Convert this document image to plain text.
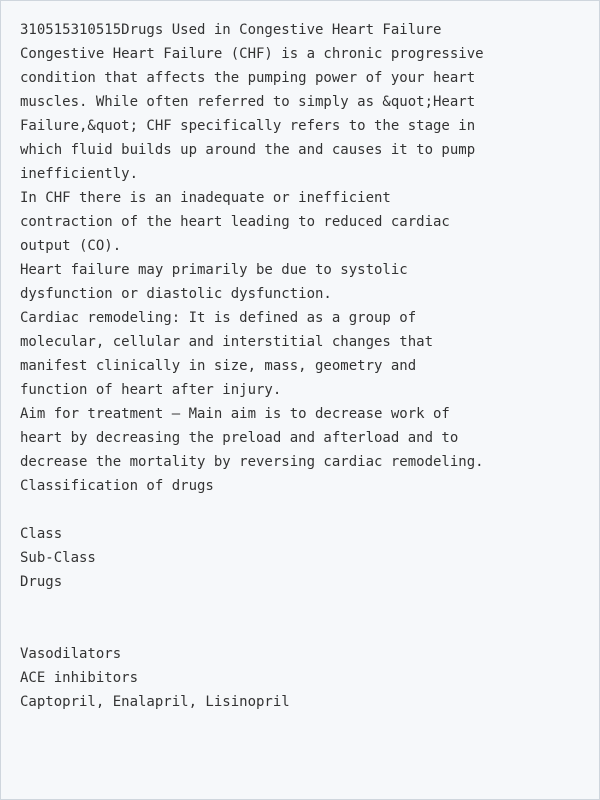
310515310515Drugs Used in Congestive Heart Failure
Congestive Heart Failure (CHF) is a chronic progressive
condition that affects the pumping power of your heart
muscles. While often referred to simply as &quot;Heart
Failure,&quot; CHF specifically refers to the stage in
which fluid builds up around the and causes it to pump
inefficiently.
In CHF there is an inadequate or inefficient
contraction of the heart leading to reduced cardiac
output (CO).
Heart failure may primarily be due to systolic
dysfunction or diastolic dysfunction.
Cardiac remodeling: It is defined as a group of
molecular, cellular and interstitial changes that
manifest clinically in size, mass, geometry and
function of heart after injury.
Aim for treatment – Main aim is to decrease work of
heart by decreasing the preload and afterload and to
decrease the mortality by reversing cardiac remodeling.
Classification of drugs
Class
Sub-Class
Drugs
Vasodilators
ACE inhibitors
Captopril, Enalapril, Lisinopril
